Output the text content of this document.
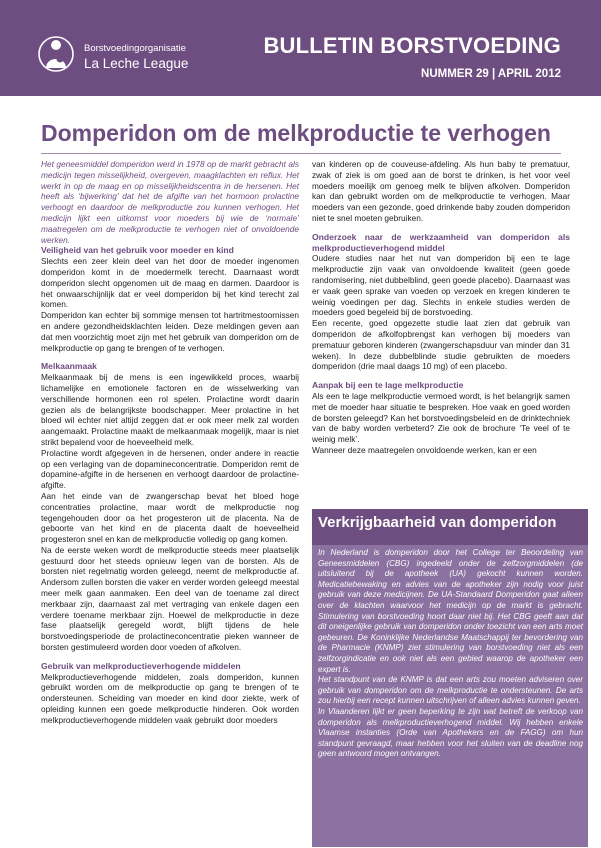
Borstvoedingorganisatie
La Leche League
BULLETIN BORSTVOEDING
NUMMER 29 | APRIL 2012
Domperidon om de melkproductie te verhogen

Het geneesmiddel domperidon werd in 1978 op de markt gebracht als medicijn tegen misselijkheid, overgeven, maagklachten en reflux. Het werkt in op de maag en op misselijkheidscentra in de hersenen. Het heeft als ‘bijwerking’ dat het de afgifte van het hormoon prolactine verhoogt en daardoor de melkproductie zou kunnen verhogen. Het medicijn lijkt een uitkomst voor moeders bij wie de ‘normale’ maatregelen om de melkproductie te verhogen niet of onvoldoende werken.

Veiligheid van het gebruik voor moeder en kind

Slechts een zeer klein deel van het door de moeder ingenomen domperidon komt in de moedermelk terecht. Daarnaast wordt domperidon slecht opgenomen uit de maag en darmen. Daardoor is het onwaarschijnlijk dat er veel domperidon bij het kind terecht zal komen.

Domperidon kan echter bij sommige mensen tot hartritmestoornissen en andere gezondheidsklachten leiden. Deze meldingen geven aan dat men voorzichtig moet zijn met het gebruik van domperidon om de melkproductie op gang te brengen of te verhogen.

Melkaanmaak

Melkaanmaak bij de mens is een ingewikkeld proces, waarbij lichamelijke en emotionele factoren en de wisselwerking van verschillende hormonen een rol spelen. Prolactine wordt daarin gezien als de belangrijkste boodschapper. Meer prolactine in het bloed wil echter niet altijd zeggen dat er ook meer melk zal worden aangemaakt. Prolactine maakt de melkaanmaak mogelijk, maar is niet strikt bepalend voor de hoeveelheid melk.

Prolactine wordt afgegeven in de hersenen, onder andere in reactie op een verlaging van de dopamineconcentratie. Domperidon remt de dopamine-afgifte in de hersenen en verhoogt daardoor de prolactine-afgifte.

Aan het einde van de zwangerschap bevat het bloed hoge concentraties prolactine, maar wordt de melkproductie nog tegengehouden door oa het progesteron uit de placenta. Na de geboorte van het kind en de placenta daalt de hoeveelheid progesteron snel en kan de melkproductie volledig op gang komen.

Na de eerste weken wordt de melkproductie steeds meer plaatselijk gestuurd door het steeds opnieuw legen van de borsten. Als de borsten niet regelmatig worden geleegd, neemt de melkproductie af. Andersom zullen borsten die vaker en verder worden geleegd meestal meer melk gaan aanmaken. Een deel van de toename zal direct merkbaar zijn, daarnaast zal met vertraging van enkele dagen een verdere toename merkbaar zijn. Hoewel de melkproductie in deze fase plaatselijk geregeld wordt, blijft tijdens de hele borstvoedingsperiode de prolactineconcentratie pieken wanneer de borsten gestimuleerd worden door voeden of afkolven.

Gebruik van melkproductieverhogende middelen

Melkproductieverhogende middelen, zoals domperidon, kunnen gebruikt worden om de melkproductie op gang te brengen of te ondersteunen. Scheiding van moeder en kind door ziekte, werk of opleiding kunnen een goede melkproductie hinderen. Ook worden melkproductieverhogende middelen vaak gebruikt door moeders

van kinderen op de couveuse-afdeling. Als hun baby te prematuur, zwak of ziek is om goed aan de borst te drinken, is het voor veel moeders moeilijk om genoeg melk te blijven afkolven. Domperidon kan dan gebruikt worden om de melkproductie te verhogen. Maar moeders van een gezonde, goed drinkende baby zouden domperidon niet te snel moeten gebruiken.

Onderzoek naar de werkzaamheid van domperidon als melkproductieverhogend middel

Oudere studies naar het nut van domperidon bij een te lage melkproductie zijn vaak van onvoldoende kwaliteit (geen goede randomisering, niet dubbelblind, geen goede placebo). Daarnaast was er vaak geen sprake van voeden op verzoek en kregen kinderen te weinig voedingen per dag. Slechts in enkele studies werden de moeders goed begeleid bij de borstvoeding.

Een recente, goed opgezette studie laat zien dat gebruik van domperidon de afkolfopbrengst kan verhogen bij moeders van prematuur geboren kinderen (zwangerschapsduur van minder dan 31 weken). In deze dubbelblinde studie gebruikten de moeders domperidon (drie maal daags 10 mg) of een placebo.

Aanpak bij een te lage melkproductie

Als een te lage melkproductie vermoed wordt, is het belangrijk samen met de moeder haar situatie te bespreken. Hoe vaak en goed worden de borsten geleegd? Kan het borstvoedingsbeleid en de drinktechniek van de baby worden verbeterd? Zie ook de brochure ‘Te veel of te weinig melk’.

Wanneer deze maatregelen onvoldoende werken, kan er een

Verkrijgbaarheid van domperidon

In Nederland is domperidon door het College ter Beoordeling van Geneesmiddelen (CBG) ingedeeld onder de zelfzorgmiddelen (de uitsluitend bij de apotheek (UA) gekocht kunnen worden. Medicatiebewaking en advies van de apotheker zijn nodig voor juist gebruik van deze medicijnen. De UA-Standaard Domperidon gaat alleen over de klachten waarvoor het medicijn op de markt is gebracht. Stimulering van borstvoeding hoort daar niet bij. Het CBG geeft aan dat dit oneigenlijke gebruik van domperidon onder toezicht van een arts moet gebeuren. De Koninklijke Nederlandse Maatschappij ter bevordering van de Pharmacie (KNMP) ziet stimulering van borstvoeding niet als een zelfzorgindicatie en ook niet als een gebied waarop de apotheker een expert is.

Het standpunt van de KNMP is dat een arts zou moeten adviseren over gebruik van domperidon om de melkproductie te ondersteunen. De arts zou hierbij een recept kunnen uitschrijven of alleen advies kunnen geven.

In Vlaanderen lijkt er geen beperking te zijn wat betreft de verkoop van domperidon als melkproductieverhogend middel. Wij hebben enkele Vlaamse instanties (Orde van Apothekers en de FAGG) om hun standpunt gevraagd, maar hebben voor het sluiten van de deadline nog geen antwoord mogen ontvangen.
